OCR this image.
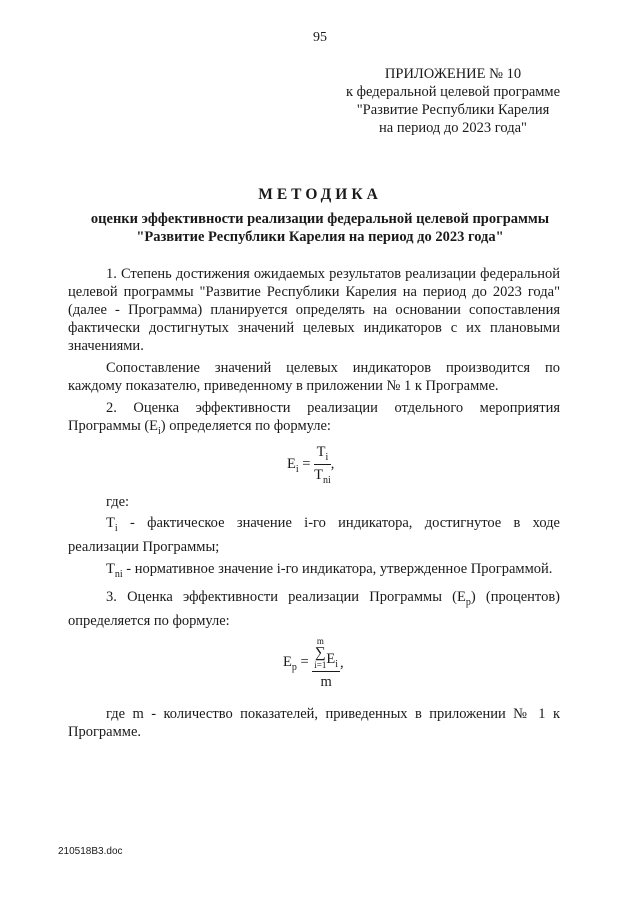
95
ПРИЛОЖЕНИЕ № 10
к федеральной целевой программе
"Развитие Республики Карелия
на период до 2023 года"
МЕТОДИКА
оценки эффективности реализации федеральной целевой программы
"Развитие Республики Карелия на период до 2023 года"

1. Степень достижения ожидаемых результатов реализации федеральной целевой программы "Развитие Республики Карелия на период до 2023 года" (далее - Программа) планируется определять на основании сопоставления фактически достигнутых значений целевых индикаторов с их плановыми значениями.

Сопоставление значений целевых индикаторов производится по каждому показателю, приведенному в приложении № 1 к Программе.

2. Оценка эффективности реализации отдельного мероприятия Программы $(E_i)$ определяется по формуле:

$E_i = \frac{T_i}{T_{ni}}$ ,
где:

$T_i$ - фактическое значение i-го индикатора, достигнутое в ходе реализации Программы;

$T_{ni}$ - нормативное значение i-го индикатора, утвержденное Программой.

3. Оценка эффективности реализации Программы $(E_p)$ (процентов) определяется по формуле:

$E_p = m$
∑
i=1 $E_i$
m ,

где m - количество показателей, приведенных в приложении № 1 к Программе.

210518B3.doc
